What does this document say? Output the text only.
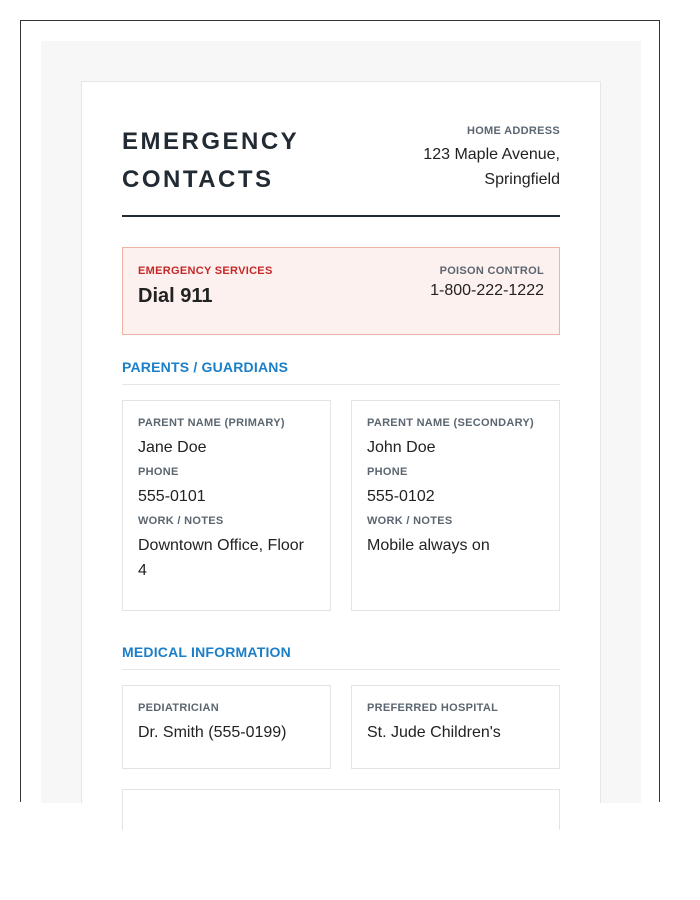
EMERGENCY CONTACTS
HOME ADDRESS
123 Maple Avenue, Springfield
EMERGENCY SERVICES
Dial 911
POISON CONTROL
1-800-222-1222
PARENTS / GUARDIANS
PARENT NAME (PRIMARY)
Jane Doe
PHONE
555-0101
WORK / NOTES
Downtown Office, Floor 4
PARENT NAME (SECONDARY)
John Doe
PHONE
555-0102
WORK / NOTES
Mobile always on
MEDICAL INFORMATION
PEDIATRICIAN
Dr. Smith (555-0199)
PREFERRED HOSPITAL
St. Jude Children's
